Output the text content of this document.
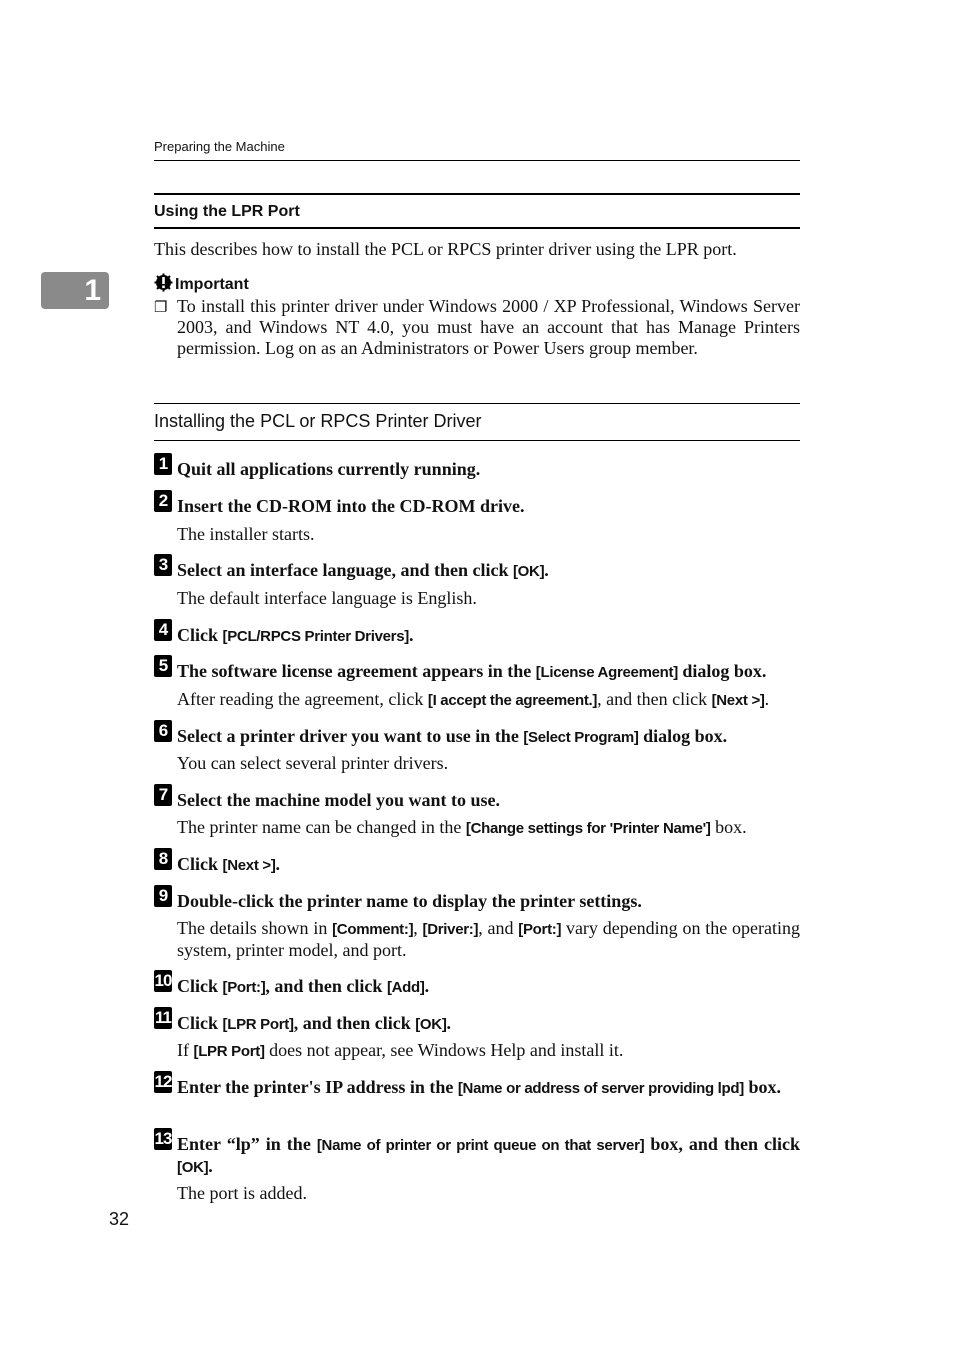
Preparing the Machine
1
Using the LPR Port
This describes how to install the PCL or RPCS printer driver using the LPR port.
Important
❐ To install this printer driver under Windows 2000 / XP Professional, Windows Server 2003, and Windows NT 4.0, you must have an account that has Manage Printers permission. Log on as an Administrators or Power Users group member.
Installing the PCL or RPCS Printer Driver
1 Quit all applications currently running.
2 Insert the CD-ROM into the CD-ROM drive.
The installer starts.
3 Select an interface language, and then click [OK].
The default interface language is English.
4 Click [PCL/RPCS Printer Drivers].
5 The software license agreement appears in the [License Agreement] dialog box.
After reading the agreement, click [I accept the agreement.], and then click [Next >].
6 Select a printer driver you want to use in the [Select Program] dialog box.
You can select several printer drivers.
7 Select the machine model you want to use.
The printer name can be changed in the [Change settings for 'Printer Name'] box.
8 Click [Next >].
9 Double-click the printer name to display the printer settings.
The details shown in [Comment:], [Driver:], and [Port:] vary depending on the operating system, printer model, and port.
10 Click [Port:], and then click [Add].
11 Click [LPR Port], and then click [OK].
If [LPR Port] does not appear, see Windows Help and install it.
12 Enter the printer's IP address in the [Name or address of server providing lpd] box.
13 Enter “lp” in the [Name of printer or print queue on that server] box, and then click [OK].
The port is added.
32
